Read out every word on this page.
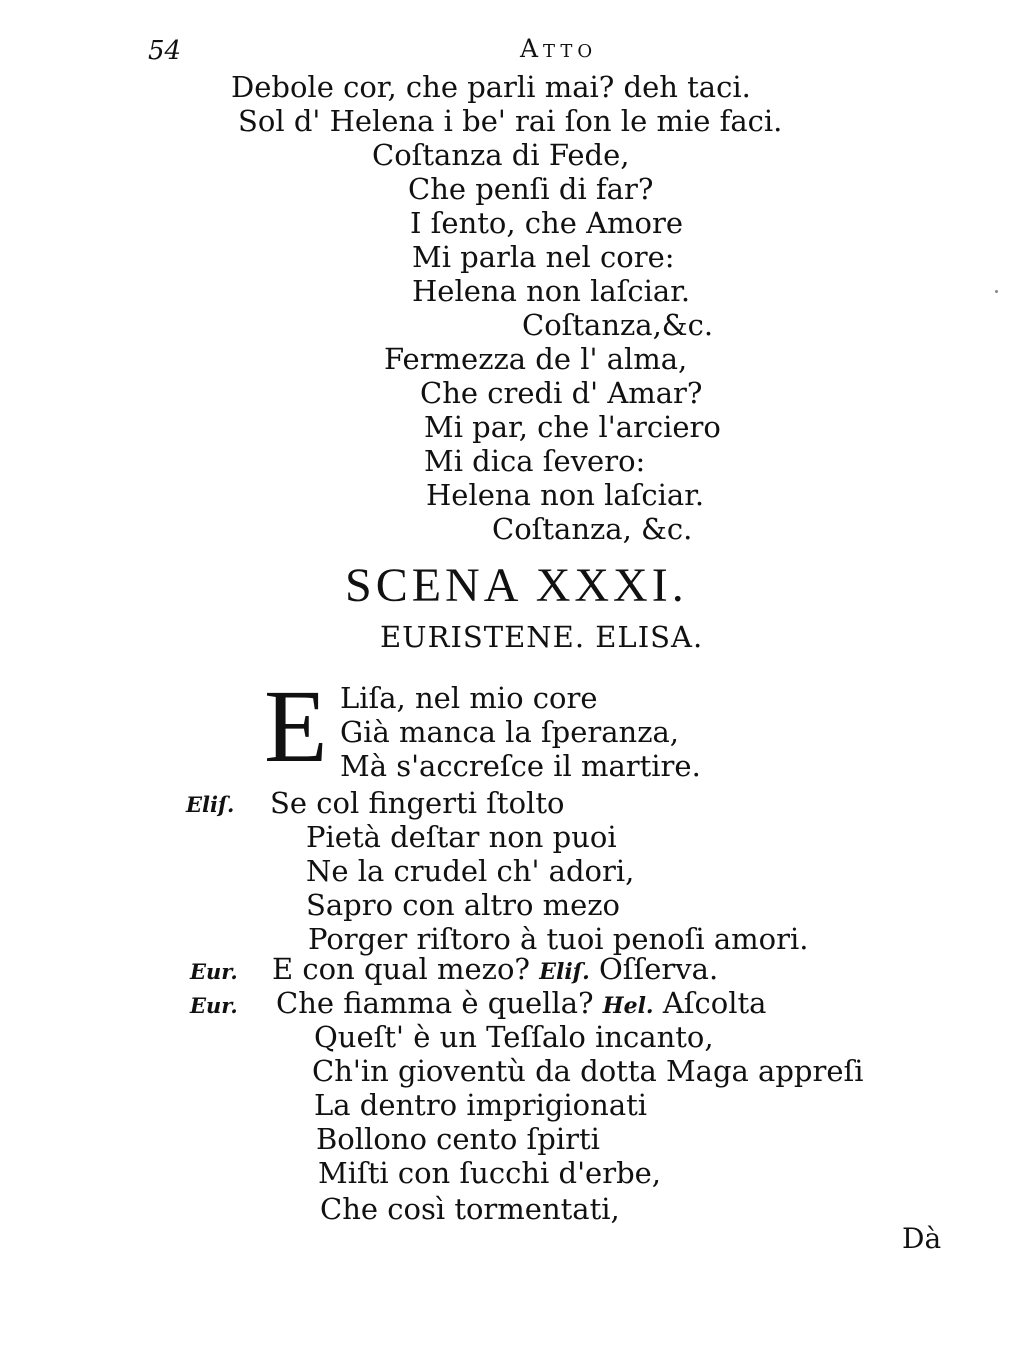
54	Atto
Debole cor, che parli mai? deh taci.
Sol d' Helena i be' rai ſon le mie faci.
Coſtanza di Fede,
Che penſi di far?
I ſento, che Amore
Mi parla nel core:
Helena non laſciar.
Coſtanza,&c.
Fermezza de l' alma,
Che credi d' Amar?
Mi par, che l'arciero
Mi dica ſevero:
Helena non laſciar.
Coſtanza, &c.
SCENA XXXI.
EURISTENE. ELISA.
E Liſa, nel mio core
Già manca la ſperanza,
Mà s'accreſce il martire.
Eliſ. Se col fingerti ſtolto
Pietà deſtar non puoi
Ne la crudel ch' adori,
Sapro con altro mezo
Porger riſtoro à tuoi penoſi amori.
Eur. E con qual mezo? Eliſ. Oſſerva.
Eur. Che fiamma è quella? Hel. Aſcolta
Queſt' è un Teſſalo incanto,
Ch'in gioventù da dotta Maga appreſi
La dentro imprigionati
Bollono cento ſpirti
Miſti con ſucchi d'erbe,
Che così tormentati,
Dà
